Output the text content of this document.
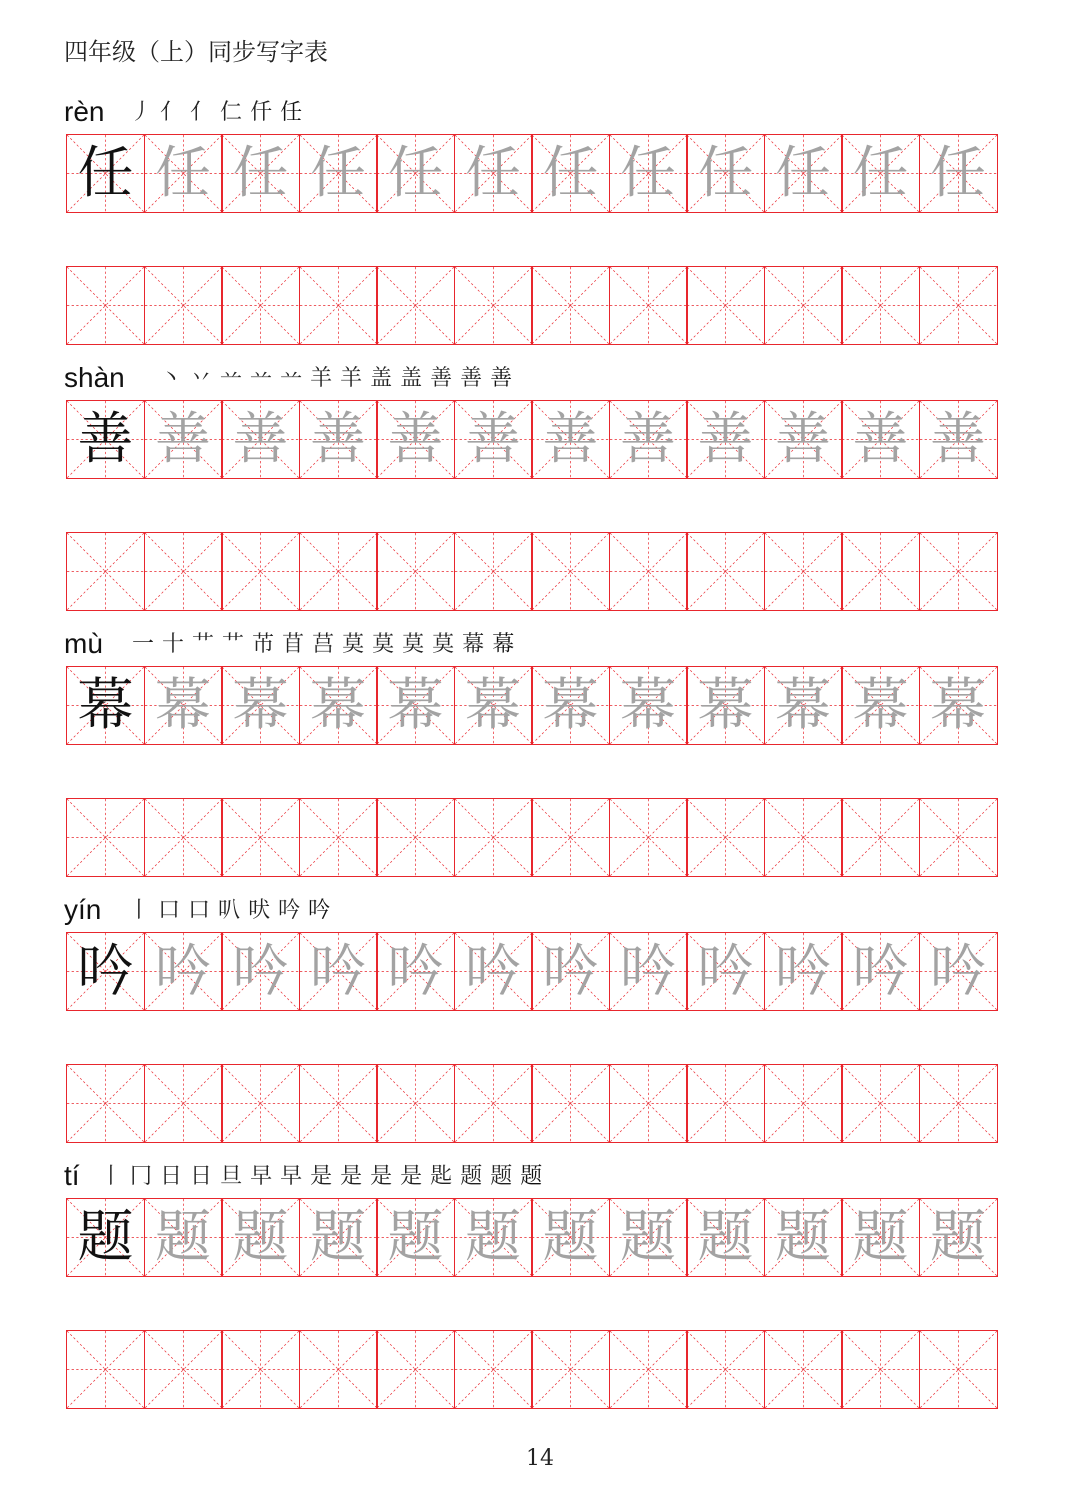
四年级（上）同步写字表
rèn 丿 亻 亻 仁 仟 任
任 任 任 任 任 任 任 任 任 任 任 任
shàn 丶 丷 䒑 䒑 䒑 羊 羊 盖 盖 善 善 善
善 善 善 善 善 善 善 善 善 善 善 善
mù 一 十 艹 艹 芇 苜 莒 莫 莫 莫 莫 幕 幕
幕 幕 幕 幕 幕 幕 幕 幕 幕 幕 幕 幕
yín 丨 口 口 叭 吠 吟 吟
吟 吟 吟 吟 吟 吟 吟 吟 吟 吟 吟 吟
tí 丨 冂 日 日 旦 早 早 是 是 是 是 匙 题 题 题
题 题 题 题 题 题 题 题 题 题 题 题
14
